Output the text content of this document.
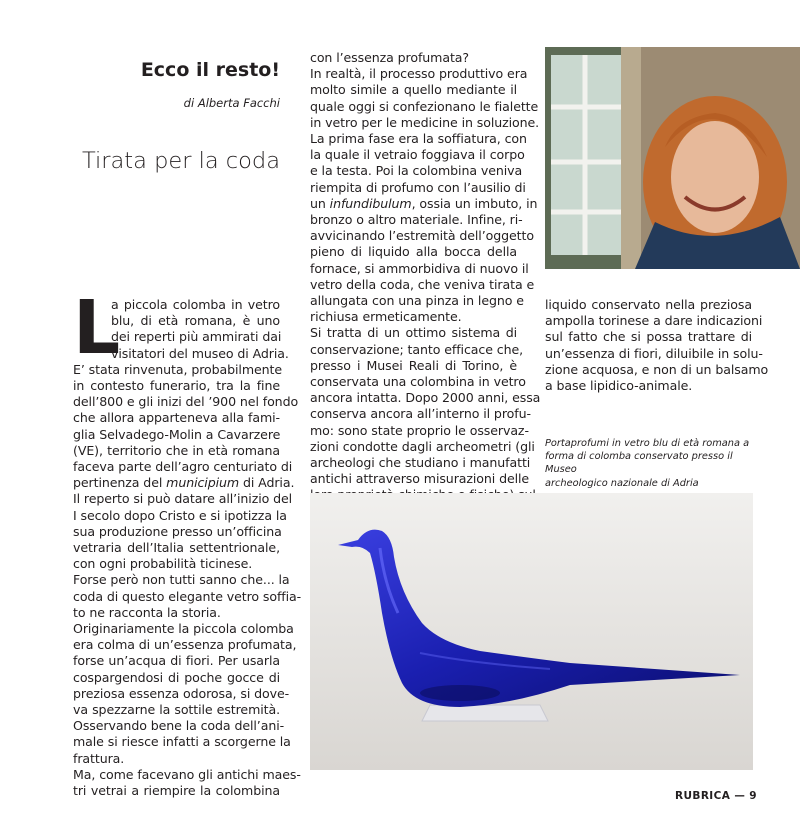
Ecco il resto!
di Alberta Facchi
Tirata per la coda
L
a piccola colomba in vetro
blu, di età romana, è uno
dei reperti più ammirati dai
visitatori del museo di Adria.
E’ stata rinvenuta, probabilmente
in contesto funerario, tra la fine
dell’800 e gli inizi del ’900 nel fondo
che allora apparteneva alla fami-
glia Selvadego-Molin a Cavarzere
(VE), territorio che in età romana
faceva parte dell’agro centuriato di
pertinenza del municipium di Adria.
Il reperto si può datare all’inizio del
I secolo dopo Cristo e si ipotizza la
sua produzione presso un’officina
vetraria dell’Italia settentrionale,
con ogni probabilità ticinese.
Forse però non tutti sanno che... la
coda di questo elegante vetro soffia-
to ne racconta la storia.
Originariamente la piccola colomba
era colma di un’essenza profumata,
forse un’acqua di fiori. Per usarla
cospargendosi di poche gocce di
preziosa essenza odorosa, si dove-
va spezzarne la sottile estremità.
Osservando bene la coda dell’ani-
male si riesce infatti a scorgerne la
frattura.
Ma, come facevano gli antichi maes-
tri vetrai a riempire la colombina
con l’essenza profumata?
In realtà, il processo produttivo era
molto simile a quello mediante il
quale oggi si confezionano le fialette
in vetro per le medicine in soluzione.
La prima fase era la soffiatura, con
la quale il vetraio foggiava il corpo
e la testa. Poi la colombina veniva
riempita di profumo con l’ausilio di
un infundibulum, ossia un imbuto, in
bronzo o altro materiale. Infine, ri-
avvicinando l’estremità dell’oggetto
pieno di liquido alla bocca della
fornace, si ammorbidiva di nuovo il
vetro della coda, che veniva tirata e
allungata con una pinza in legno e
richiusa ermeticamente.
Si tratta di un ottimo sistema di
conservazione; tanto efficace che,
presso i Musei Reali di Torino, è
conservata una colombina in vetro
ancora intatta. Dopo 2000 anni, essa
conserva ancora all’interno il profu-
mo: sono state proprio le osservaz-
zioni condotte dagli archeometri (gli
archeologi che studiano i manufatti
antichi attraverso misurazioni delle
liquido conservato nella preziosa
ampolla torinese a dare indicazioni
sul fatto che si possa trattare di
un’essenza di fiori, diluibile in solu-
zione acquosa, e non di un balsamo
a base lipidico-animale.
Portaprofumi in vetro blu di età romana a
forma di colomba conservato presso il Museo
archeologico nazionale di Adria
RUBRICA — 9
